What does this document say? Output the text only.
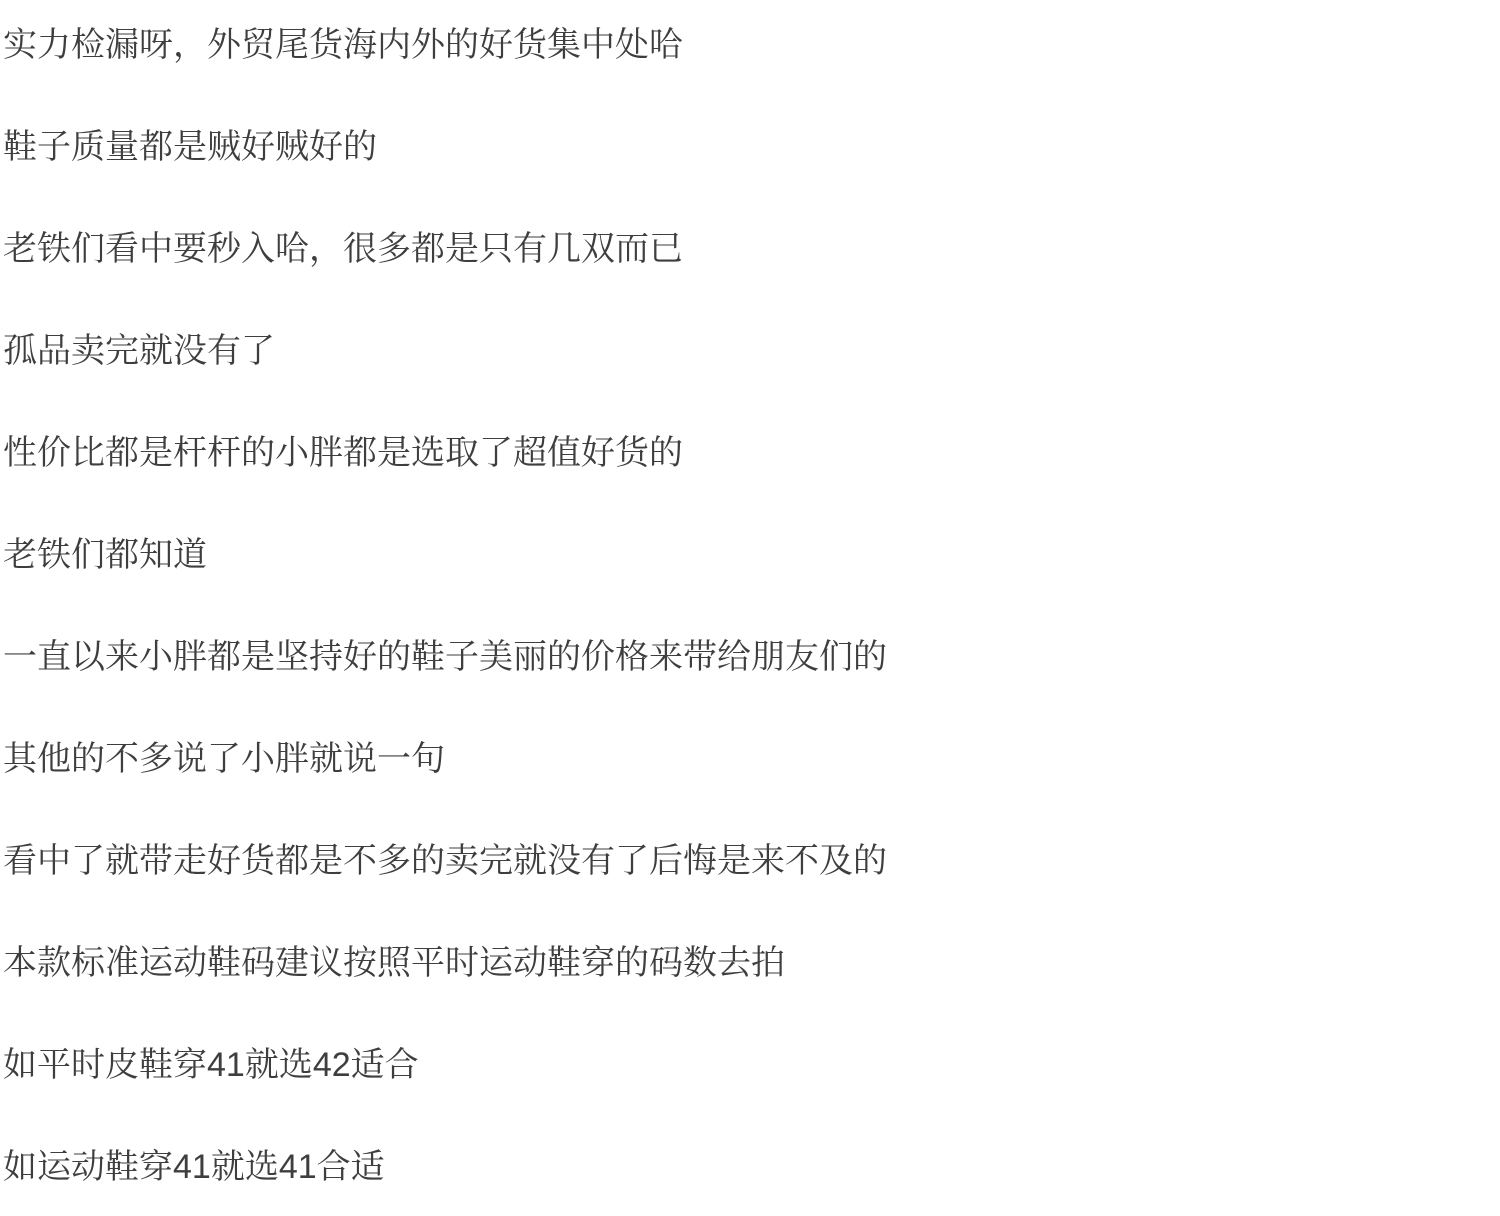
实力检漏呀，外贸尾货海内外的好货集中处哈

鞋子质量都是贼好贼好的

老铁们看中要秒入哈，很多都是只有几双而已

孤品卖完就没有了

性价比都是杆杆的小胖都是选取了超值好货的

老铁们都知道

一直以来小胖都是坚持好的鞋子美丽的价格来带给朋友们的

其他的不多说了小胖就说一句

看中了就带走好货都是不多的卖完就没有了后悔是来不及的

本款标准运动鞋码建议按照平时运动鞋穿的码数去拍

如平时皮鞋穿41就选42适合

如运动鞋穿41就选41合适
